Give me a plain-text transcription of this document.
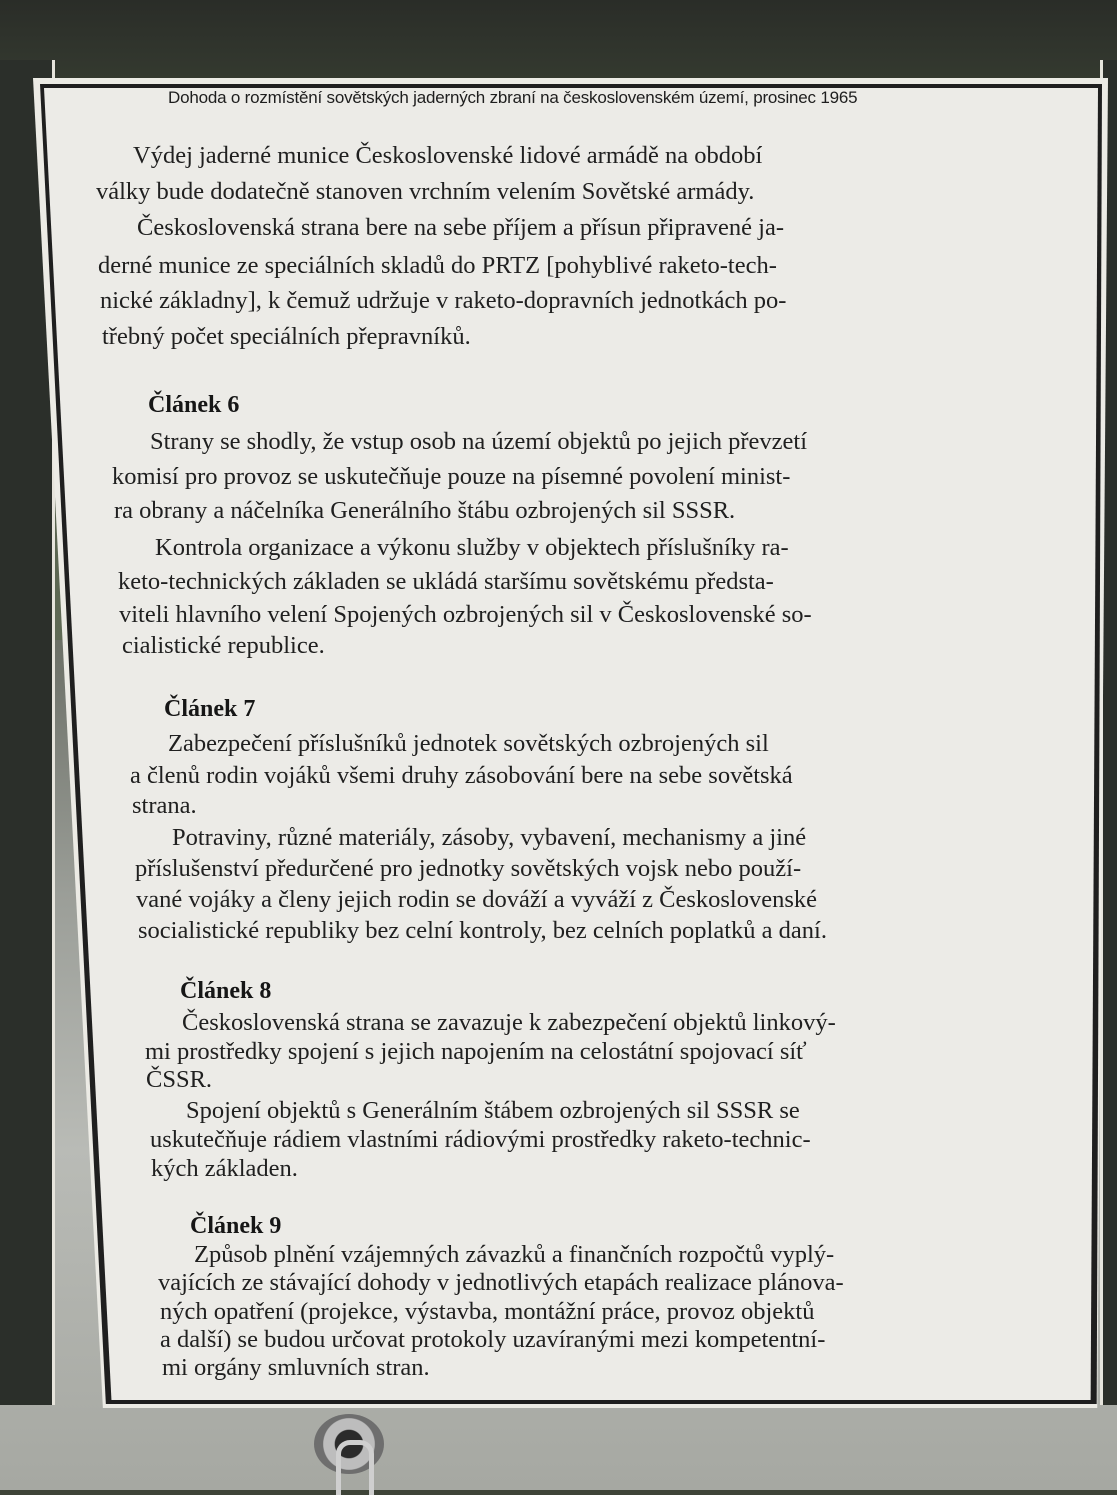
Dohoda o rozmístění sovětských jaderných zbraní na československém území, prosinec 1965
Výdej jaderné munice Československé lidové armádě na období
války bude dodatečně stanoven vrchním velením Sovětské armády.
Československá strana bere na sebe příjem a přísun připravené ja-
derné munice ze speciálních skladů do PRTZ [pohyblivé raketo-tech-
nické základny], k čemuž udržuje v raketo-dopravních jednotkách po-
třebný počet speciálních přepravníků.
Článek 6
Strany se shodly, že vstup osob na území objektů po jejich převzetí
komisí pro provoz se uskutečňuje pouze na písemné povolení minist-
ra obrany a náčelníka Generálního štábu ozbrojených sil SSSR.
Kontrola organizace a výkonu služby v objektech příslušníky ra-
keto-technických základen se ukládá staršímu sovětskému předsta-
viteli hlavního velení Spojených ozbrojených sil v Československé so-
cialistické republice.
Článek 7
Zabezpečení příslušníků jednotek sovětských ozbrojených sil
a členů rodin vojáků všemi druhy zásobování bere na sebe sovětská
strana.
Potraviny, různé materiály, zásoby, vybavení, mechanismy a jiné
příslušenství předurčené pro jednotky sovětských vojsk nebo použí-
vané vojáky a členy jejich rodin se dováží a vyváží z Československé
socialistické republiky bez celní kontroly, bez celních poplatků a daní.
Článek 8
Československá strana se zavazuje k zabezpečení objektů linkový-
mi prostředky spojení s jejich napojením na celostátní spojovací síť
ČSSR.
Spojení objektů s Generálním štábem ozbrojených sil SSSR se
uskutečňuje rádiem vlastními rádiovými prostředky raketo-technic-
kých základen.
Článek 9
Způsob plnění vzájemných závazků a finančních rozpočtů vyplý-
vajících ze stávající dohody v jednotlivých etapách realizace plánova-
ných opatření (projekce, výstavba, montážní práce, provoz objektů
a další) se budou určovat protokoly uzavíranými mezi kompetentní-
mi orgány smluvních stran.
